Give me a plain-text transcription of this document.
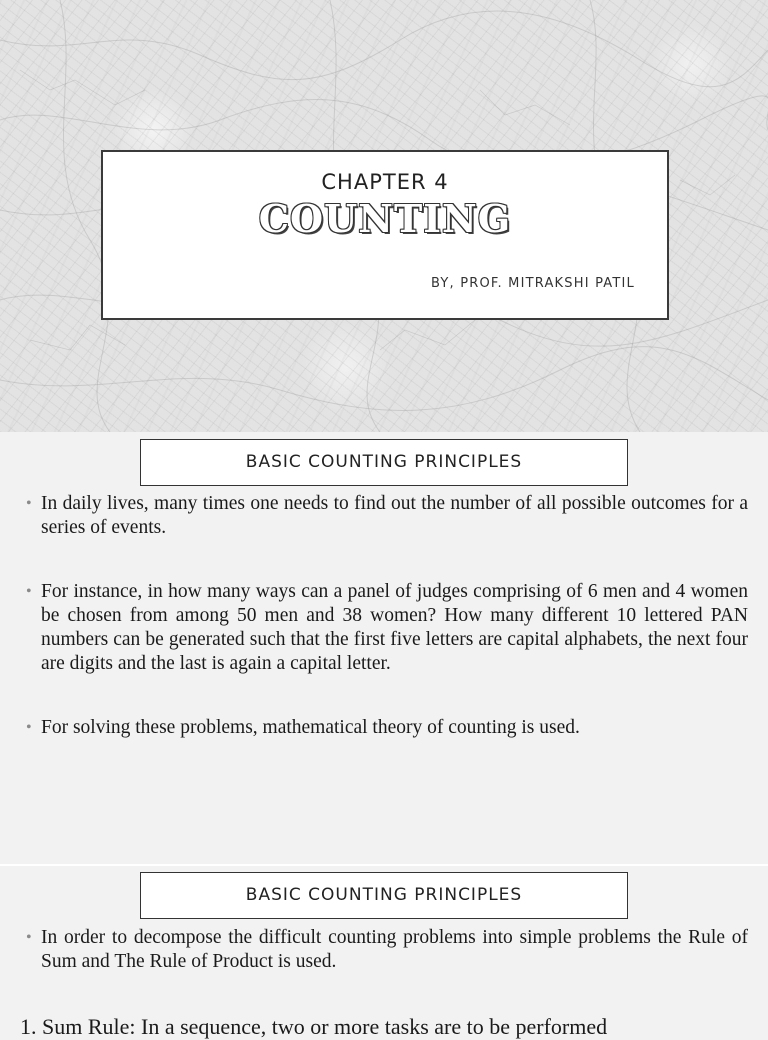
CHAPTER 4
COUNTING
BY, PROF. MITRAKSHI PATIL
BASIC COUNTING PRINCIPLES
• In daily lives, many times one needs to find out the number of all possible outcomes for a series of events.
• For instance, in how many ways can a panel of judges comprising of 6 men and 4 women be chosen from among 50 men and 38 women? How many different 10 lettered PAN numbers can be generated such that the first five letters are capital alphabets, the next four are digits and the last is again a capital letter.
• For solving these problems, mathematical theory of counting is used.
BASIC COUNTING PRINCIPLES
• In order to decompose the difficult counting problems into simple problems the Rule of Sum and The Rule of Product is used.
1. Sum Rule: In a sequence, two or more tasks are to be performed
